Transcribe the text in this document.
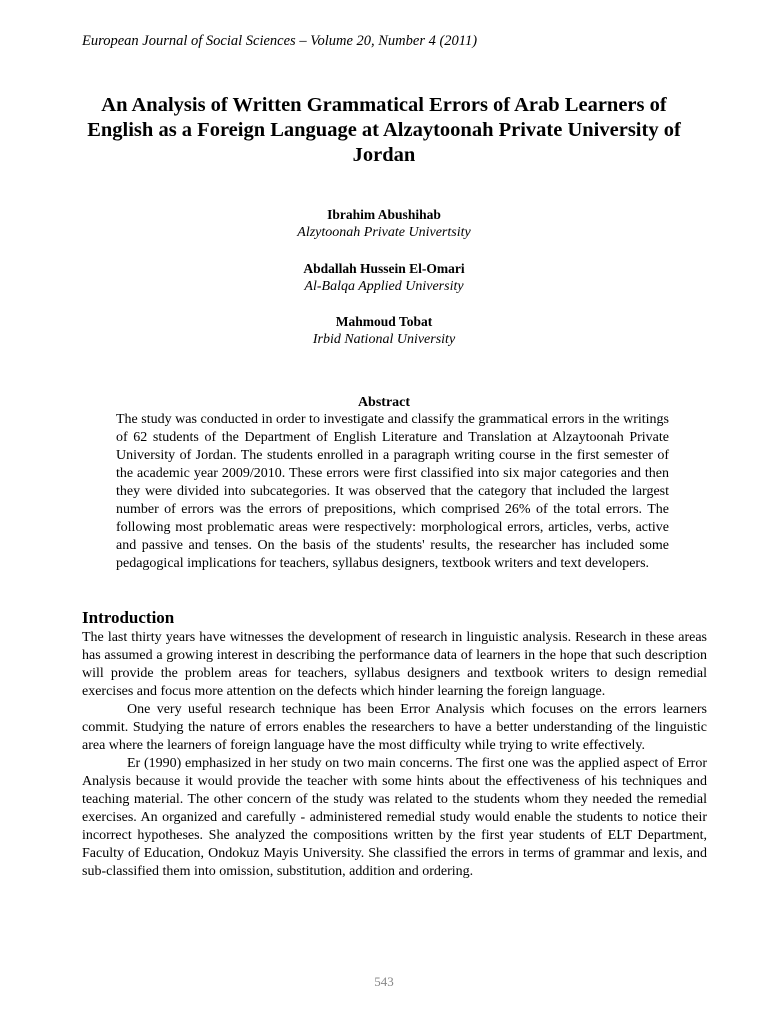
European Journal of Social Sciences – Volume 20, Number 4 (2011)
An Analysis of Written Grammatical Errors of Arab Learners of English as a Foreign Language at Alzaytoonah Private University of Jordan
Ibrahim Abushihab
Alzytoonah Private Univertsity
Abdallah Hussein El-Omari
Al-Balqa Applied University
Mahmoud Tobat
Irbid National University
Abstract
The study was conducted in order to investigate and classify the grammatical errors in the writings of 62 students of the Department of English Literature and Translation at Alzaytoonah Private University of Jordan. The students enrolled in a paragraph writing course in the first semester of the academic year 2009/2010. These errors were first classified into six major categories and then they were divided into subcategories. It was observed that the category that included the largest number of errors was the errors of prepositions, which comprised 26% of the total errors. The following most problematic areas were respectively: morphological errors, articles, verbs, active and passive and tenses. On the basis of the students' results, the researcher has included some pedagogical implications for teachers, syllabus designers, textbook writers and text developers.
Introduction

The last thirty years have witnesses the development of research in linguistic analysis. Research in these areas has assumed a growing interest in describing the performance data of learners in the hope that such description will provide the problem areas for teachers, syllabus designers and textbook writers to design remedial exercises and focus more attention on the defects which hinder learning the foreign language.

One very useful research technique has been Error Analysis which focuses on the errors learners commit. Studying the nature of errors enables the researchers to have a better understanding of the linguistic area where the learners of foreign language have the most difficulty while trying to write effectively.

Er (1990) emphasized in her study on two main concerns. The first one was the applied aspect of Error Analysis because it would provide the teacher with some hints about the effectiveness of his techniques and teaching material. The other concern of the study was related to the students whom they needed the remedial exercises. An organized and carefully - administered remedial study would enable the students to notice their incorrect hypotheses. She analyzed the compositions written by the first year students of ELT Department, Faculty of Education, Ondokuz Mayis University. She classified the errors in terms of grammar and lexis, and sub-classified them into omission, substitution, addition and ordering.

543
